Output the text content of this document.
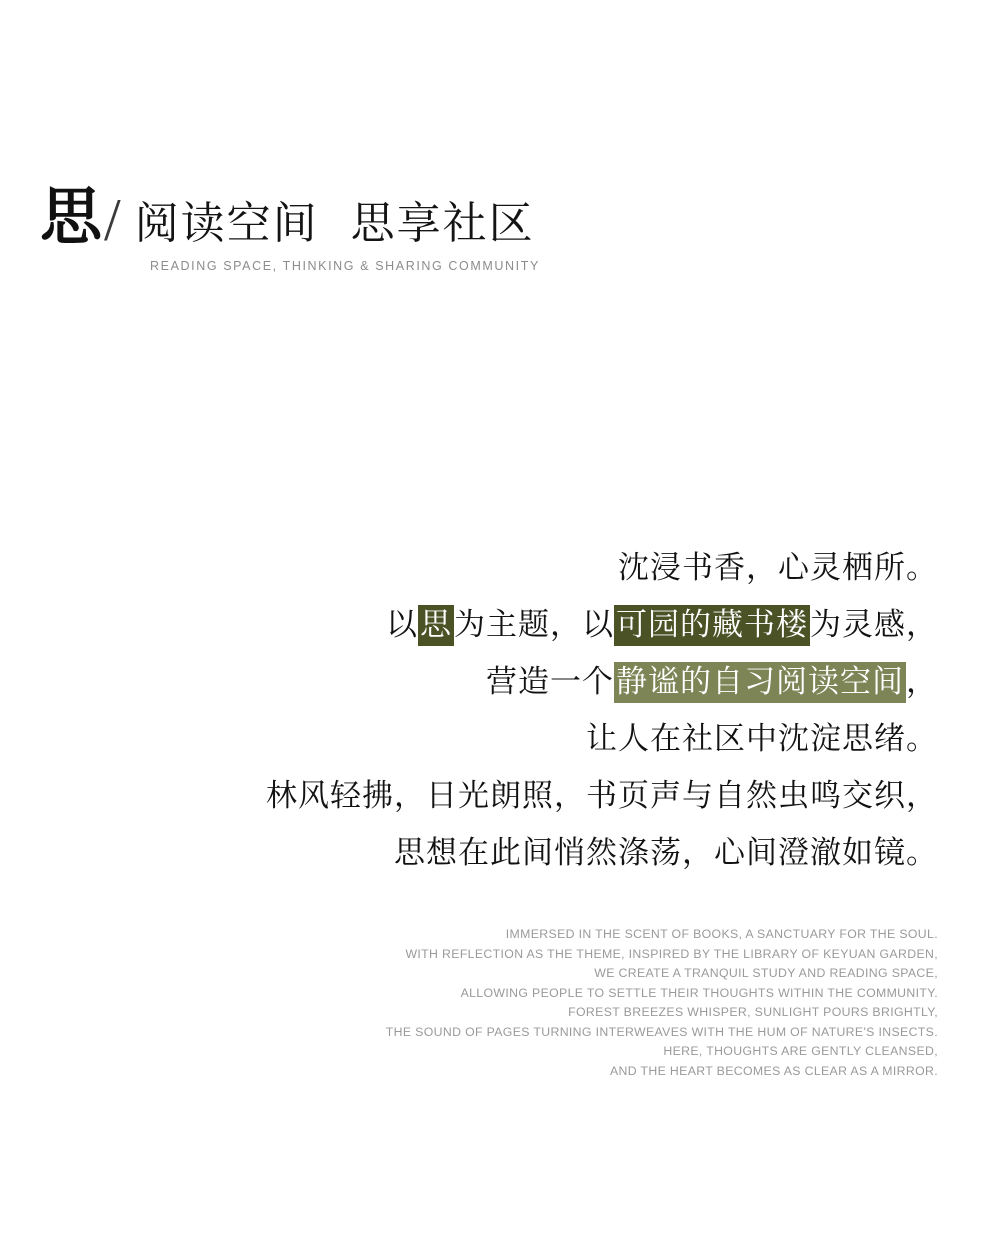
思 / 阅读空间  思享社区
READING SPACE, THINKING & SHARING COMMUNITY
沈浸书香，心灵栖所。
以思为主题，以可园的藏书楼为灵感，
营造一个静谧的自习阅读空间，
让人在社区中沈淀思绪。
林风轻拂，日光朗照，书页声与自然虫鸣交织，
思想在此间悄然涤荡，心间澄澈如镜。
IMMERSED IN THE SCENT OF BOOKS, A SANCTUARY FOR THE SOUL.
WITH REFLECTION AS THE THEME, INSPIRED BY THE LIBRARY OF KEYUAN GARDEN,
WE CREATE A TRANQUIL STUDY AND READING SPACE,
ALLOWING PEOPLE TO SETTLE THEIR THOUGHTS WITHIN THE COMMUNITY.
FOREST BREEZES WHISPER, SUNLIGHT POURS BRIGHTLY,
THE SOUND OF PAGES TURNING INTERWEAVES WITH THE HUM OF NATURE'S INSECTS.
HERE, THOUGHTS ARE GENTLY CLEANSED,
AND THE HEART BECOMES AS CLEAR AS A MIRROR.
